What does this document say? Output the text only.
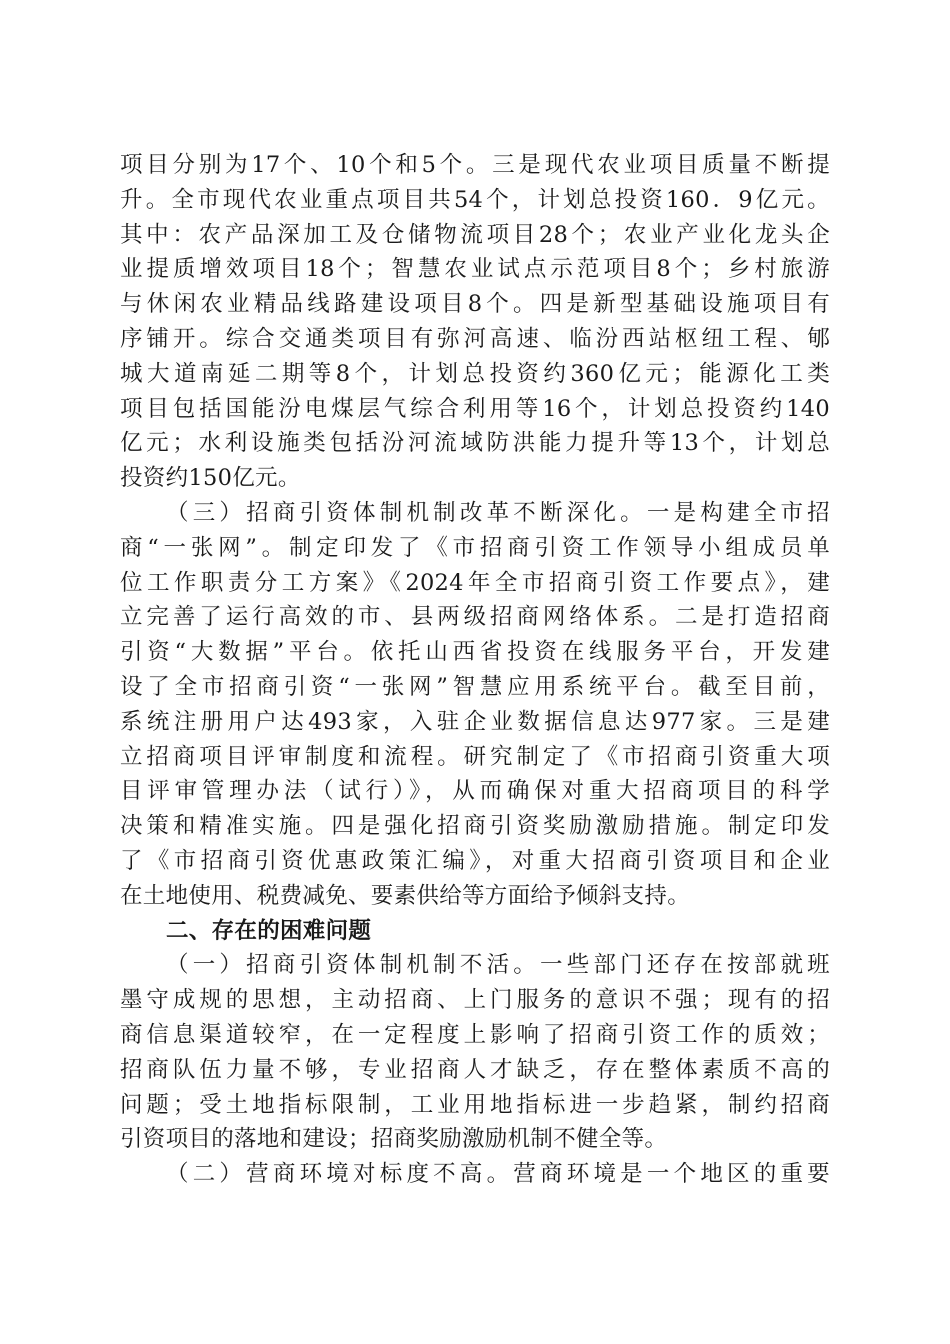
项目分别为17个、10个和5个。三是现代农业项目质量不断提
升。全市现代农业重点项目共54个，计划总投资160．9亿元。
其中：农产品深加工及仓储物流项目28个；农业产业化龙头企
业提质增效项目18个；智慧农业试点示范项目8个；乡村旅游
与休闲农业精品线路建设项目8个。四是新型基础设施项目有
序铺开。综合交通类项目有弥河高速、临汾西站枢纽工程、郇
城大道南延二期等8个，计划总投资约360亿元；能源化工类
项目包括国能汾电煤层气综合利用等16个，计划总投资约140
亿元；水利设施类包括汾河流域防洪能力提升等13个，计划总
投资约150亿元。
（三）招商引资体制机制改革不断深化。一是构建全市招
商“一张网”。制定印发了《市招商引资工作领导小组成员单
位工作职责分工方案》《2024年全市招商引资工作要点》，建
立完善了运行高效的市、县两级招商网络体系。二是打造招商
引资“大数据”平台。依托山西省投资在线服务平台，开发建
设了全市招商引资“一张网”智慧应用系统平台。截至目前，
系统注册用户达493家，入驻企业数据信息达977家。三是建
立招商项目评审制度和流程。研究制定了《市招商引资重大项
目评审管理办法（试行）》，从而确保对重大招商项目的科学
决策和精准实施。四是强化招商引资奖励激励措施。制定印发
了《市招商引资优惠政策汇编》，对重大招商引资项目和企业
在土地使用、税费减免、要素供给等方面给予倾斜支持。
二、存在的困难问题
（一）招商引资体制机制不活。一些部门还存在按部就班
墨守成规的思想，主动招商、上门服务的意识不强；现有的招
商信息渠道较窄，在一定程度上影响了招商引资工作的质效；
招商队伍力量不够，专业招商人才缺乏，存在整体素质不高的
问题；受土地指标限制，工业用地指标进一步趋紧，制约招商
引资项目的落地和建设；招商奖励激励机制不健全等。
（二）营商环境对标度不高。营商环境是一个地区的重要
